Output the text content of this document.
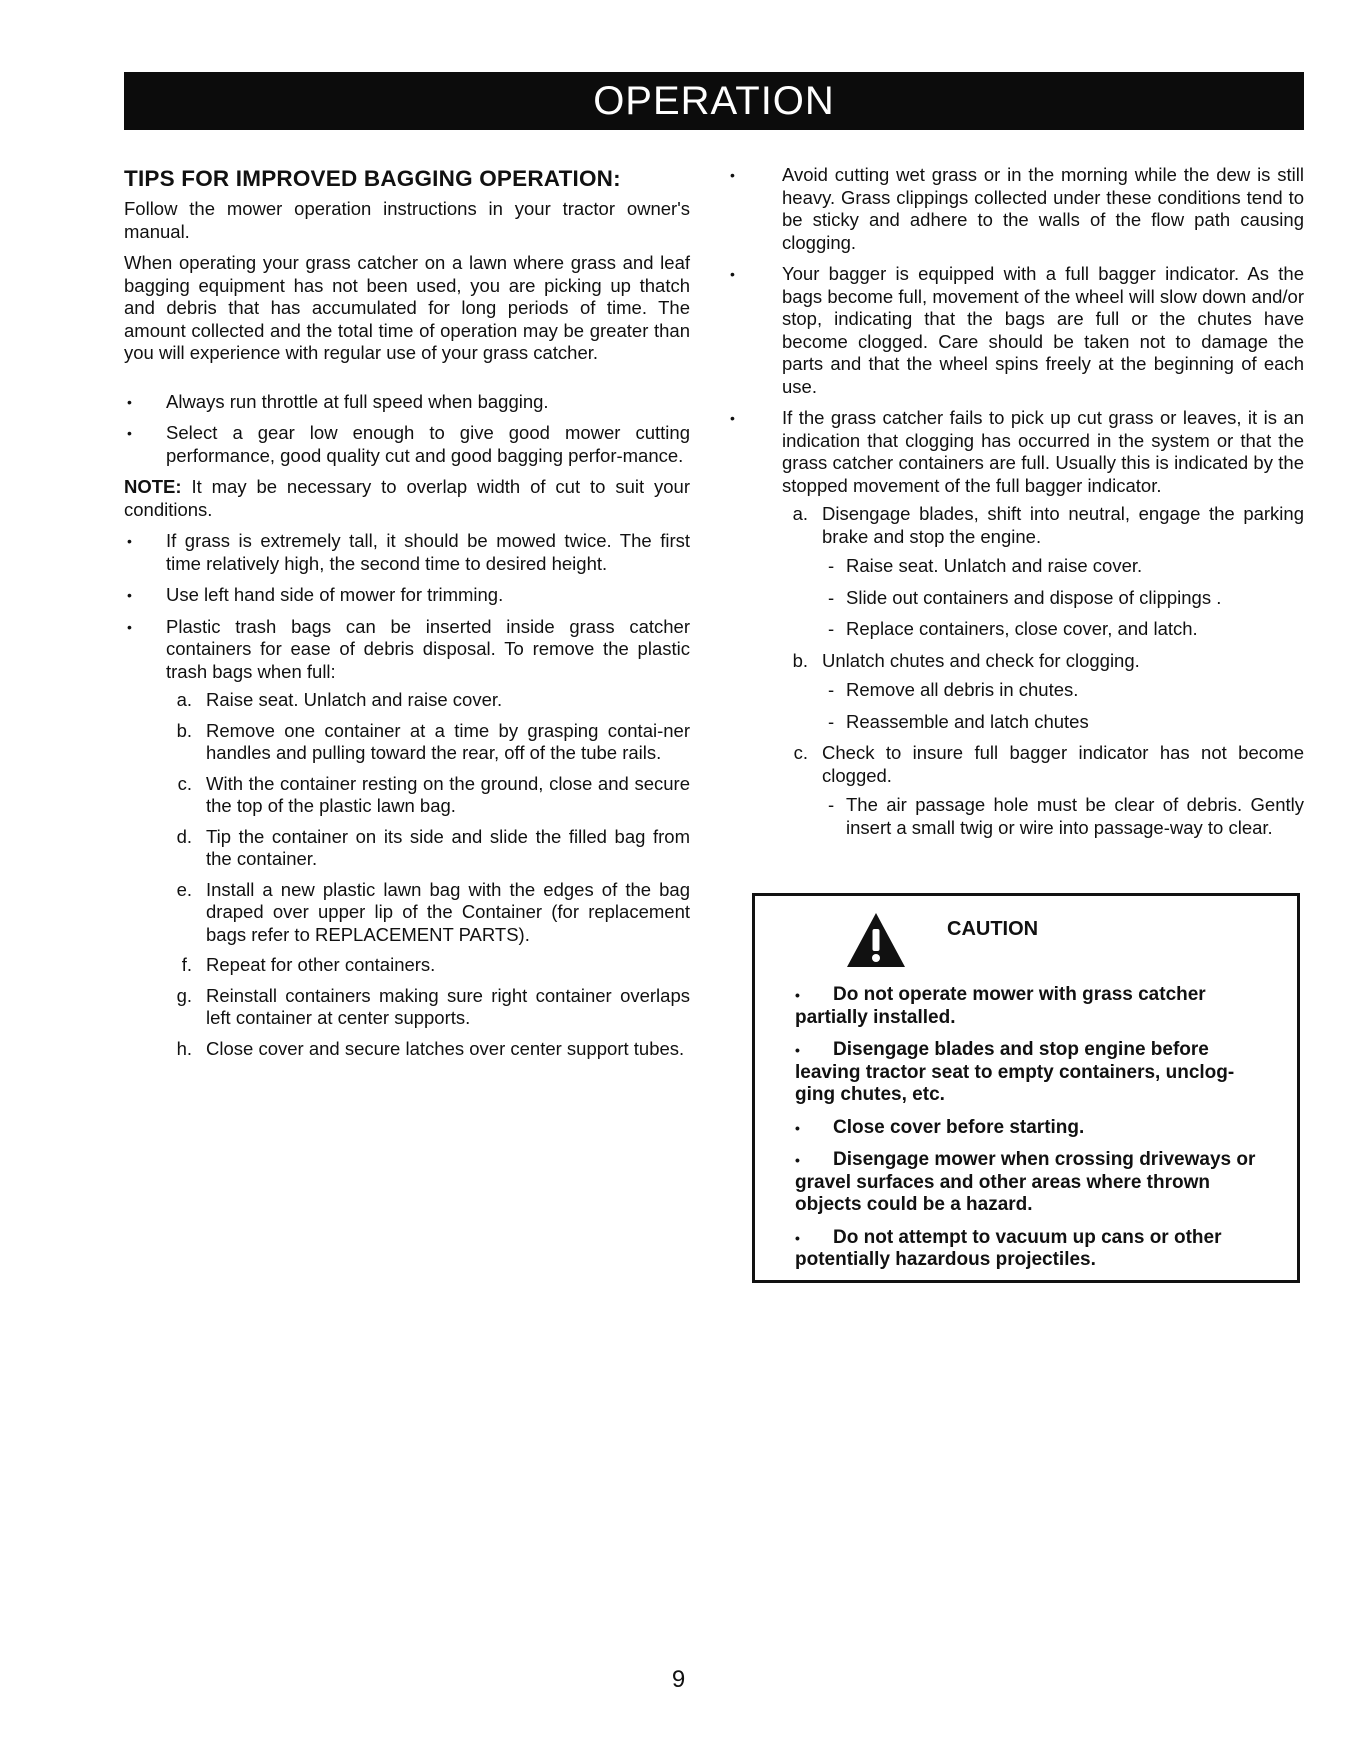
OPERATION
TIPS FOR IMPROVED BAGGING OPERATION:

Follow the mower operation instructions in your tractor owner's manual.

When operating your grass catcher on a lawn where grass and leaf bagging equipment has not been used, you are picking up thatch and debris that has accumulated for long periods of time. The amount collected and the total time of operation may be greater than you will experience with regular use of your grass catcher.

• Always run throttle at full speed when bagging.
• Select a gear low enough to give good mower cutting performance, good quality cut and good bagging perfor-mance.

NOTE: It may be necessary to overlap width of cut to suit your conditions.

• If grass is extremely tall, it should be mowed twice. The first time relatively high, the second time to desired height.
• Use left hand side of mower for trimming.
• Plastic trash bags can be inserted inside grass catcher containers for ease of debris disposal. To remove the plastic trash bags when full:
a. Raise seat. Unlatch and raise cover.
b. Remove one container at a time by grasping contai-ner handles and pulling toward the rear, off of the tube rails.
c. With the container resting on the ground, close and secure the top of the plastic lawn bag.
d. Tip the container on its side and slide the filled bag from the container.
e. Install a new plastic lawn bag with the edges of the bag draped over upper lip of the Container (for replacement bags refer to REPLACEMENT PARTS).
f. Repeat for other containers.
g. Reinstall containers making sure right container overlaps left container at center supports.
h. Close cover and secure latches over center support tubes.
•	Avoid cutting wet grass or in the morning while the dew is still heavy. Grass clippings collected under these conditions tend to be sticky and adhere to the walls of the flow path causing clogging.
•	Your bagger is equipped with a full bagger indicator. As the bags become full, movement of the wheel will slow down and/or stop, indicating that the bags are full or the chutes have become clogged. Care should be taken not to damage the parts and that the wheel spins freely at the beginning of each use.
•	If the grass catcher fails to pick up cut grass or leaves, it is an indication that clogging has occurred in the system or that the grass catcher containers are full. Usually this is indicated by the stopped movement of the full bagger indicator.
a. Disengage blades, shift into neutral, engage the parking brake and stop the engine.
- Raise seat. Unlatch and raise cover.
- Slide out containers and dispose of clippings .
- Replace containers, close cover, and latch.
b. Unlatch chutes and check for clogging.
- Remove all debris in chutes.
- Reassemble and latch chutes
c. Check to insure full bagger indicator has not become clogged.
- The air passage hole must be clear of debris. Gently insert a small twig or wire into passage-way to clear.
CAUTION
• Do not operate mower with grass catcher partially installed.
• Disengage blades and stop engine before leaving tractor seat to empty containers, unclog-ging chutes, etc.
• Close cover before starting.
• Disengage mower when crossing driveways or gravel surfaces and other areas where thrown objects could be a hazard.
• Do not attempt to vacuum up cans or other potentially hazardous projectiles.
9
